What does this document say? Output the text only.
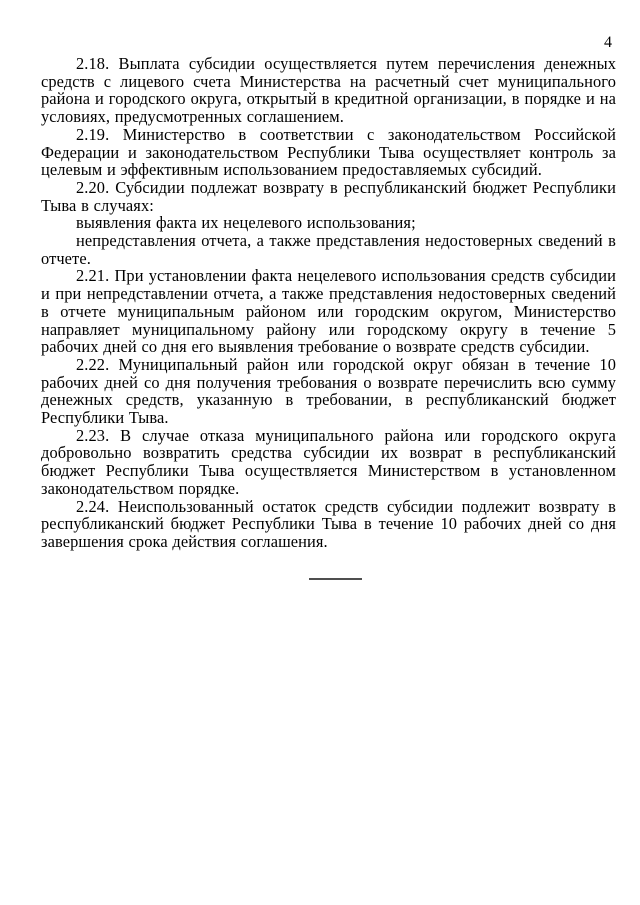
4

2.18. Выплата субсидии осуществляется путем перечисления денежных средств с лицевого счета Министерства на расчетный счет муниципального района и городского округа, открытый в кредитной организации, в порядке и на условиях, предусмотренных соглашением.

2.19. Министерство в соответствии с законодательством Российской Федерации и законодательством Республики Тыва осуществляет контроль за целевым и эффективным использованием предоставляемых субсидий.

2.20. Субсидии подлежат возврату в республиканский бюджет Республики Тыва в случаях:

выявления факта их нецелевого использования;

непредставления отчета, а также представления недостоверных сведений в отчете.

2.21. При установлении факта нецелевого использования средств субсидии и при непредставлении отчета, а также представления недостоверных сведений в отчете муниципальным районом или городским округом, Министерство направляет муниципальному району или городскому округу в течение 5 рабочих дней со дня его выявления требование о возврате средств субсидии.

2.22. Муниципальный район или городской округ обязан в течение 10 рабочих дней со дня получения требования о возврате перечислить всю сумму денежных средств, указанную в требовании, в республиканский бюджет Республики Тыва.

2.23. В случае отказа муниципального района или городского округа добровольно возвратить средства субсидии их возврат в республиканский бюджет Республики Тыва осуществляется Министерством в установленном законодательством порядке.

2.24. Неиспользованный остаток средств субсидии подлежит возврату в республиканский бюджет Республики Тыва в течение 10 рабочих дней со дня завершения срока действия соглашения.
